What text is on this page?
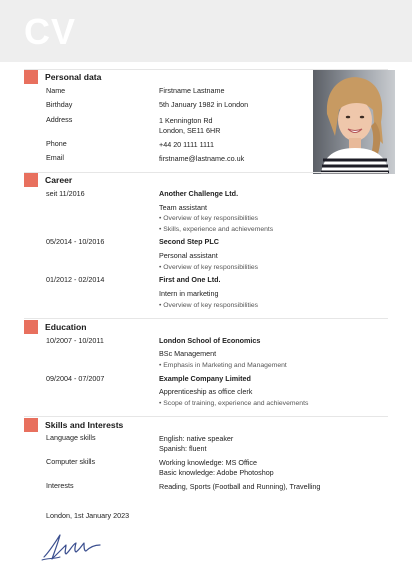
CV
Personal data
Name	Firstname Lastname
Birthday	5th January 1982 in London
Address	1 Kennington Rd
London, SE11 6HR
Phone	+44 20 1111 1111
Email	firstname@lastname.co.uk
Career
seit 11/2016	Another Challenge Ltd.
Team assistant
• Overview of key responsibilities
• Skills, experience and achievements
05/2014 - 10/2016	Second Step PLC
Personal assistant
• Overview of key responsibilities
01/2012 - 02/2014	First and One Ltd.
Intern in marketing
• Overview of key responsibilities
Education
10/2007 - 10/2011	London School of Economics
BSc Management
• Emphasis in Marketing and Management
09/2004 - 07/2007	Example Company Limited
Apprenticeship as office clerk
• Scope of training, experience and achievements
Skills and Interests
Language skills	English: native speaker
Spanish: fluent
Computer skills	Working knowledge: MS Office
Basic knowledge: Adobe Photoshop
Interests	Reading, Sports (Football and Running), Travelling
London, 1st January 2023
